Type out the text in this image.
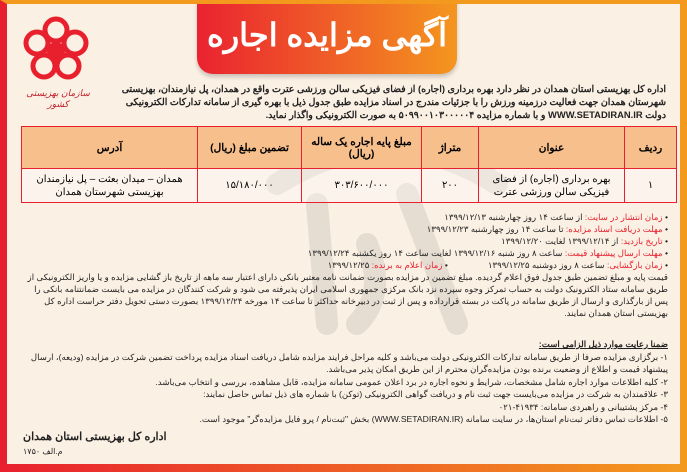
آگهی مزایده اجاره
سازمان بهزیستی کشور
اداره کل بهزیستی استان همدان در نظر دارد بهره برداری (اجاره) از فضای فیزیکی سالن ورزشی عترت واقع در همدان، پل نیازمندان، بهزیستی شهرستان همدان جهت فعالیت درزمینه ورزش را با جزئیات مندرج در اسناد مزایده طبق جدول ذیل با بهره گیری از سامانه تدارکات الکترونیکی دولت WWW.SETADIRAN.IR و با شماره مزایده ۵۰۹۹۰۰۱۰۳۰۰۰۰۰۴ به صورت الکترونیکی واگذار نماید.
ردیف	عنوان	متراژ	مبلغ پایه اجاره یک ساله (ریال)	تضمین مبلغ (ریال)	آدرس
۱	بهره برداری (اجاره) از فضای فیزیکی سالن ورزشی عترت	۲۰۰	۳۰۳/۶۰۰/۰۰۰	۱۵/۱۸۰/۰۰۰	همدان – میدان بعثت – پل نیازمندان بهزیستی شهرستان همدان
• زمان انتشار در سایت: از ساعت ۱۴ روز چهارشنبه ۱۳۹۹/۱۲/۱۳
• مهلت دریافت اسناد مزایده: تا ساعت ۱۴ روز چهارشنبه ۱۳۹۹/۱۲/۲۳
• تاریخ بازدید: از ۱۳۹۹/۱۲/۱۴ لغایت ۱۳۹۹/۱۲/۲۰
• مهلت ارسال پیشنهاد قیمت: ساعت ۸ روز شنبه ۱۳۹۹/۱۲/۱۶ لغایت ساعت ۱۴ روز یکشنبه ۱۳۹۹/۱۲/۲۴
• زمان بازگشایی: ساعت ۸ روز دوشنبه ۱۳۹۹/۱۲/۲۵
• زمان اعلام به برنده: ۱۳۹۹/۱۲/۲۵
قیمت پایه و مبلغ تضمین طبق جدول فوق اعلام گردیده. مبلغ تضمین در مزایده بصورت ضمانت نامه معتبر بانکی دارای اعتبار سه ماهه از تاریخ باز گشایی مزایده و یا واریز الکترونیکی از طریق سامانه ستاد الکترونیک دولت به حساب تمرکز وجوه سپرده نزد بانک مرکزی جمهوری اسلامی ایران پذیرفته می شود و شرکت کنندگان در مزایده می بایست ضمانتنامه بانکی را پس از بارگذاری و ارسال از طریق سامانه در پاکت در بسته قرارداده و پس از ثبت در دبیرخانه حداکثر تا ساعت ۱۴ مورخه ۱۳۹۹/۱۲/۲۴ بصورت دستی تحویل دفتر حراست اداره کل بهزیستی استان همدان نمایند.
ضمنا رعایت موارد ذیل الزامی است:
۱- برگزاری مزایده صرفا از طریق سامانه تدارکات الکترونیکی دولت می‌باشد و کلیه مراحل فرایند مزایده شامل دریافت اسناد مزایده پرداخت تضمین شرکت در مزایده (ودیعه)، ارسال پیشنهاد قیمت و اطلاع از وضعیت برنده بودن مزایده‌گران محترم از این طریق امکان پذیر می‌باشد.
۲- کلیه اطلاعات موارد اجاره شامل مشخصات، شرایط و نحوه اجاره در برد اعلان عمومی سامانه مزایده، قابل مشاهده، بررسی و انتخاب می‌باشد.
۳- علاقمندان به شرکت در مزایده می‌بایست جهت ثبت نام و دریافت گواهی الکترونیکی (توکن) با شماره های ذیل تماس حاصل نمایند:
۴- مرکز پشتیبانی و راهبردی سامانه: ۴۱۹۳۴-۰۲۱
۵- اطلاعات تماس دفاتر ثبت‌نام استان‌ها، در سایت سامانه (WWW.SETADIRAN.IR) بخش "ثبت‌نام / پرو فایل مزایده‌گر" موجود است.
اداره کل بهزیستی استان همدان
م.الف ۱۷۵۰
